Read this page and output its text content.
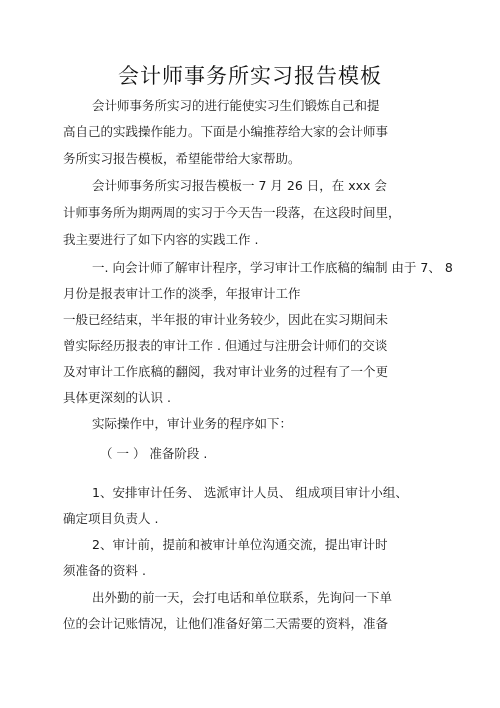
会计师事务所实习报告模板
会计师事务所实习的进行能使实习生们锻炼自己和提
高自己的实践操作能力。下面是小编推荐给大家的会计师事
务所实习报告模板，希望能带给大家帮助。
会计师事务所实习报告模板一 7 月 26 日，在 xxx 会
计师事务所为期两周的实习于今天告一段落，在这段时间里，
我主要进行了如下内容的实践工作 .
一. 向会计师了解审计程序，学习审计工作底稿的编制 由于 7、 8
月份是报表审计工作的淡季，年报审计工作
一般已经结束，半年报的审计业务较少，因此在实习期间未
曾实际经历报表的审计工作 . 但通过与注册会计师们的交谈
及对审计工作底稿的翻阅，我对审计业务的过程有了一个更
具体更深刻的认识 .
实际操作中，审计业务的程序如下：
（ 一 ） 准备阶段 .
1、安排审计任务、 选派审计人员、 组成项目审计小组、
确定项目负责人 .
2、审计前，提前和被审计单位沟通交流，提出审计时
须准备的资料 .
出外勤的前一天，会打电话和单位联系，先询问一下单
位的会计记账情况，让他们准备好第二天需要的资料，准备
